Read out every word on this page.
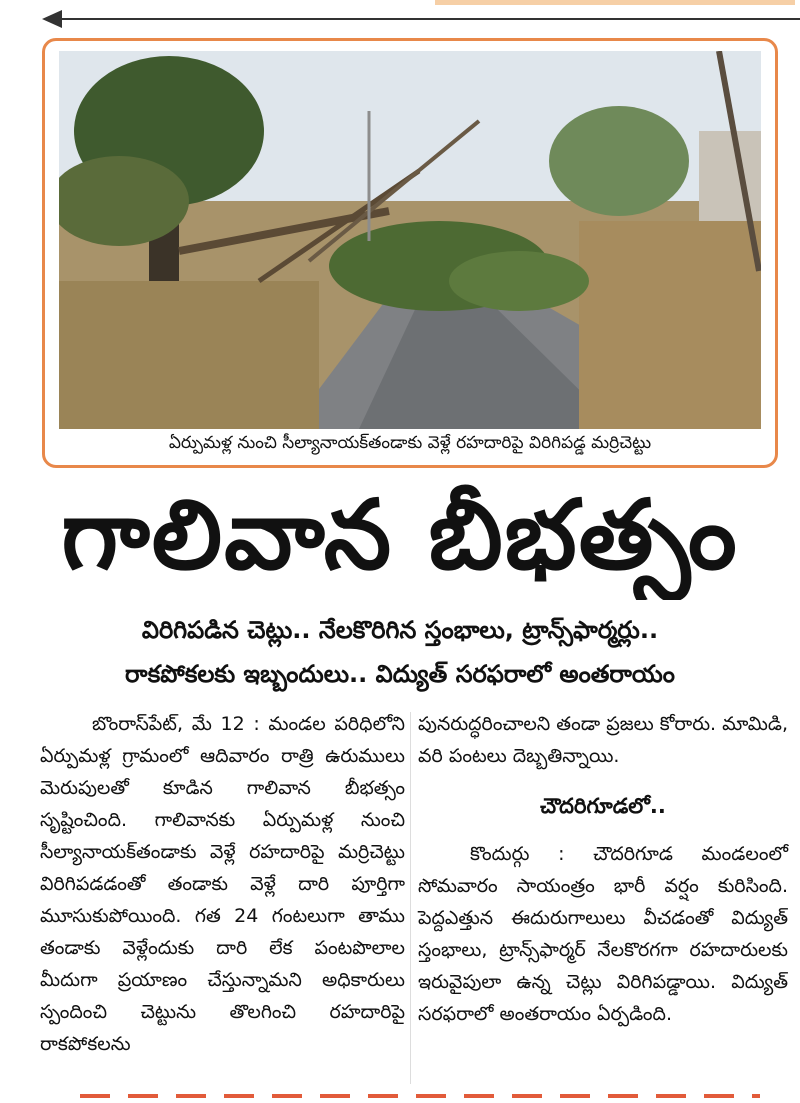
ఏర్పుమళ్ల నుంచి సీల్యానాయక్‌తండాకు వెళ్లే రహదారిపై విరిగిపడ్డ మర్రిచెట్టు
గాలివాన బీభత్సం
విరిగిపడిన చెట్లు.. నేలకొరిగిన స్తంభాలు, ట్రాన్స్‌ఫార్మర్లు..
రాకపోకలకు ఇబ్బందులు.. విద్యుత్‌ సరఫరాలో అంతరాయం

బొంరాస్‌పేట్‌, మే 12 : మండల పరిధిలోని ఏర్పుమళ్ల గ్రామంలో ఆదివారం రాత్రి ఉరుములు మెరుపులతో కూడిన గాలివాన బీభత్సం సృష్టించింది. గాలివానకు ఏర్పుమళ్ల నుంచి సీల్యానాయక్‌తండాకు వెళ్లే రహదారిపై మర్రిచెట్టు విరిగిపడడంతో తండాకు వెళ్లే దారి పూర్తిగా మూసుకుపోయింది. గత 24 గంటలుగా తాము తండాకు వెళ్లేందుకు దారి లేక పంటపొలాల మీదుగా ప్రయాణం చేస్తున్నామని అధికారులు స్పందించి చెట్టును తొలగించి రహదారిపై రాకపోకలను

పునరుద్ధరించాలని తండా ప్రజలు కోరారు. మామిడి, వరి పంటలు దెబ్బతిన్నాయి.

చౌదరిగూడలో..

కొందుర్గు : చౌదరిగూడ మండలంలో సోమవారం సాయంత్రం భారీ వర్షం కురిసింది. పెద్దఎత్తున ఈదురుగాలులు వీచడంతో విద్యుత్‌ స్తంభాలు, ట్రాన్స్‌ఫార్మర్‌ నేలకొరగగా రహదారులకు ఇరువైపులా ఉన్న చెట్లు విరిగిపడ్డాయి. విద్యుత్‌ సరఫరాలో అంతరాయం ఏర్పడింది.
